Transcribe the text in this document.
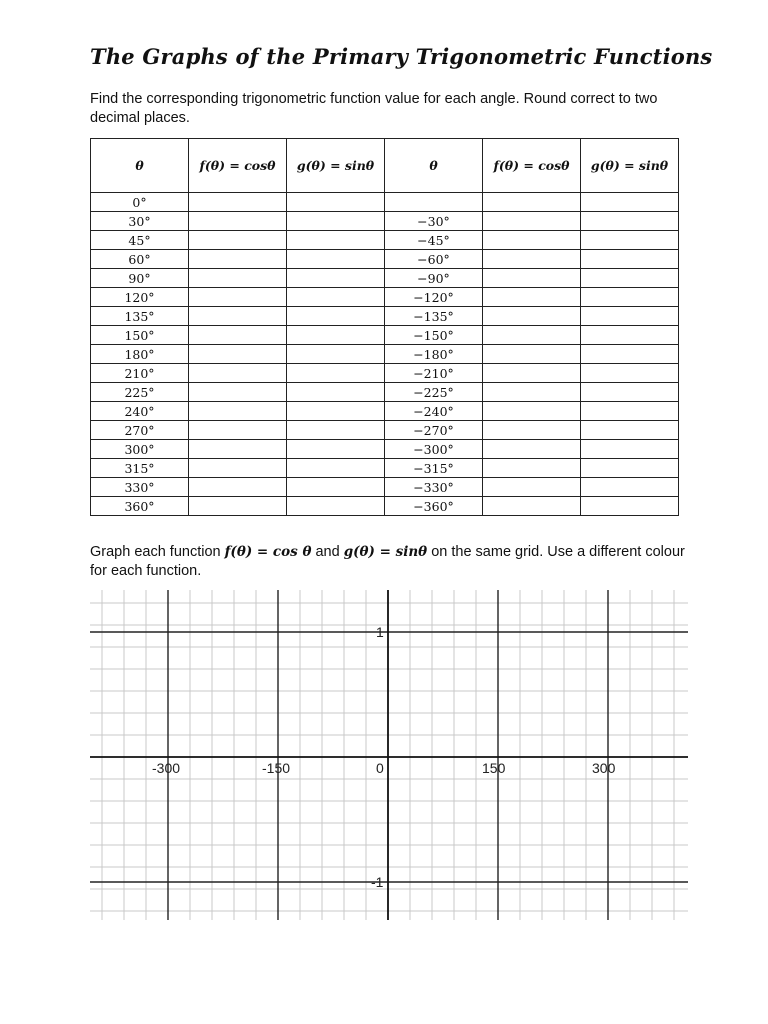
The Graphs of the Primary Trigonometric Functions

Find the corresponding trigonometric function value for each angle. Round correct to two decimal places.

θ	f(θ) = cosθ	g(θ) = sinθ	θ	f(θ) = cosθ	g(θ) = sinθ
0°					
30°			−30°		
45°			−45°		
60°			−60°		
90°			−90°		
120°			−120°		
135°			−135°		
150°			−150°		
180°			−180°		
210°			−210°		
225°			−225°		
240°			−240°		
270°			−270°		
300°			−300°		
315°			−315°		
330°			−330°		
360°			−360°		

Graph each function f(θ) = cos θ and g(θ) = sinθ on the same grid. Use a different colour for each function.

-300	-150	0	150	300
1
-1
